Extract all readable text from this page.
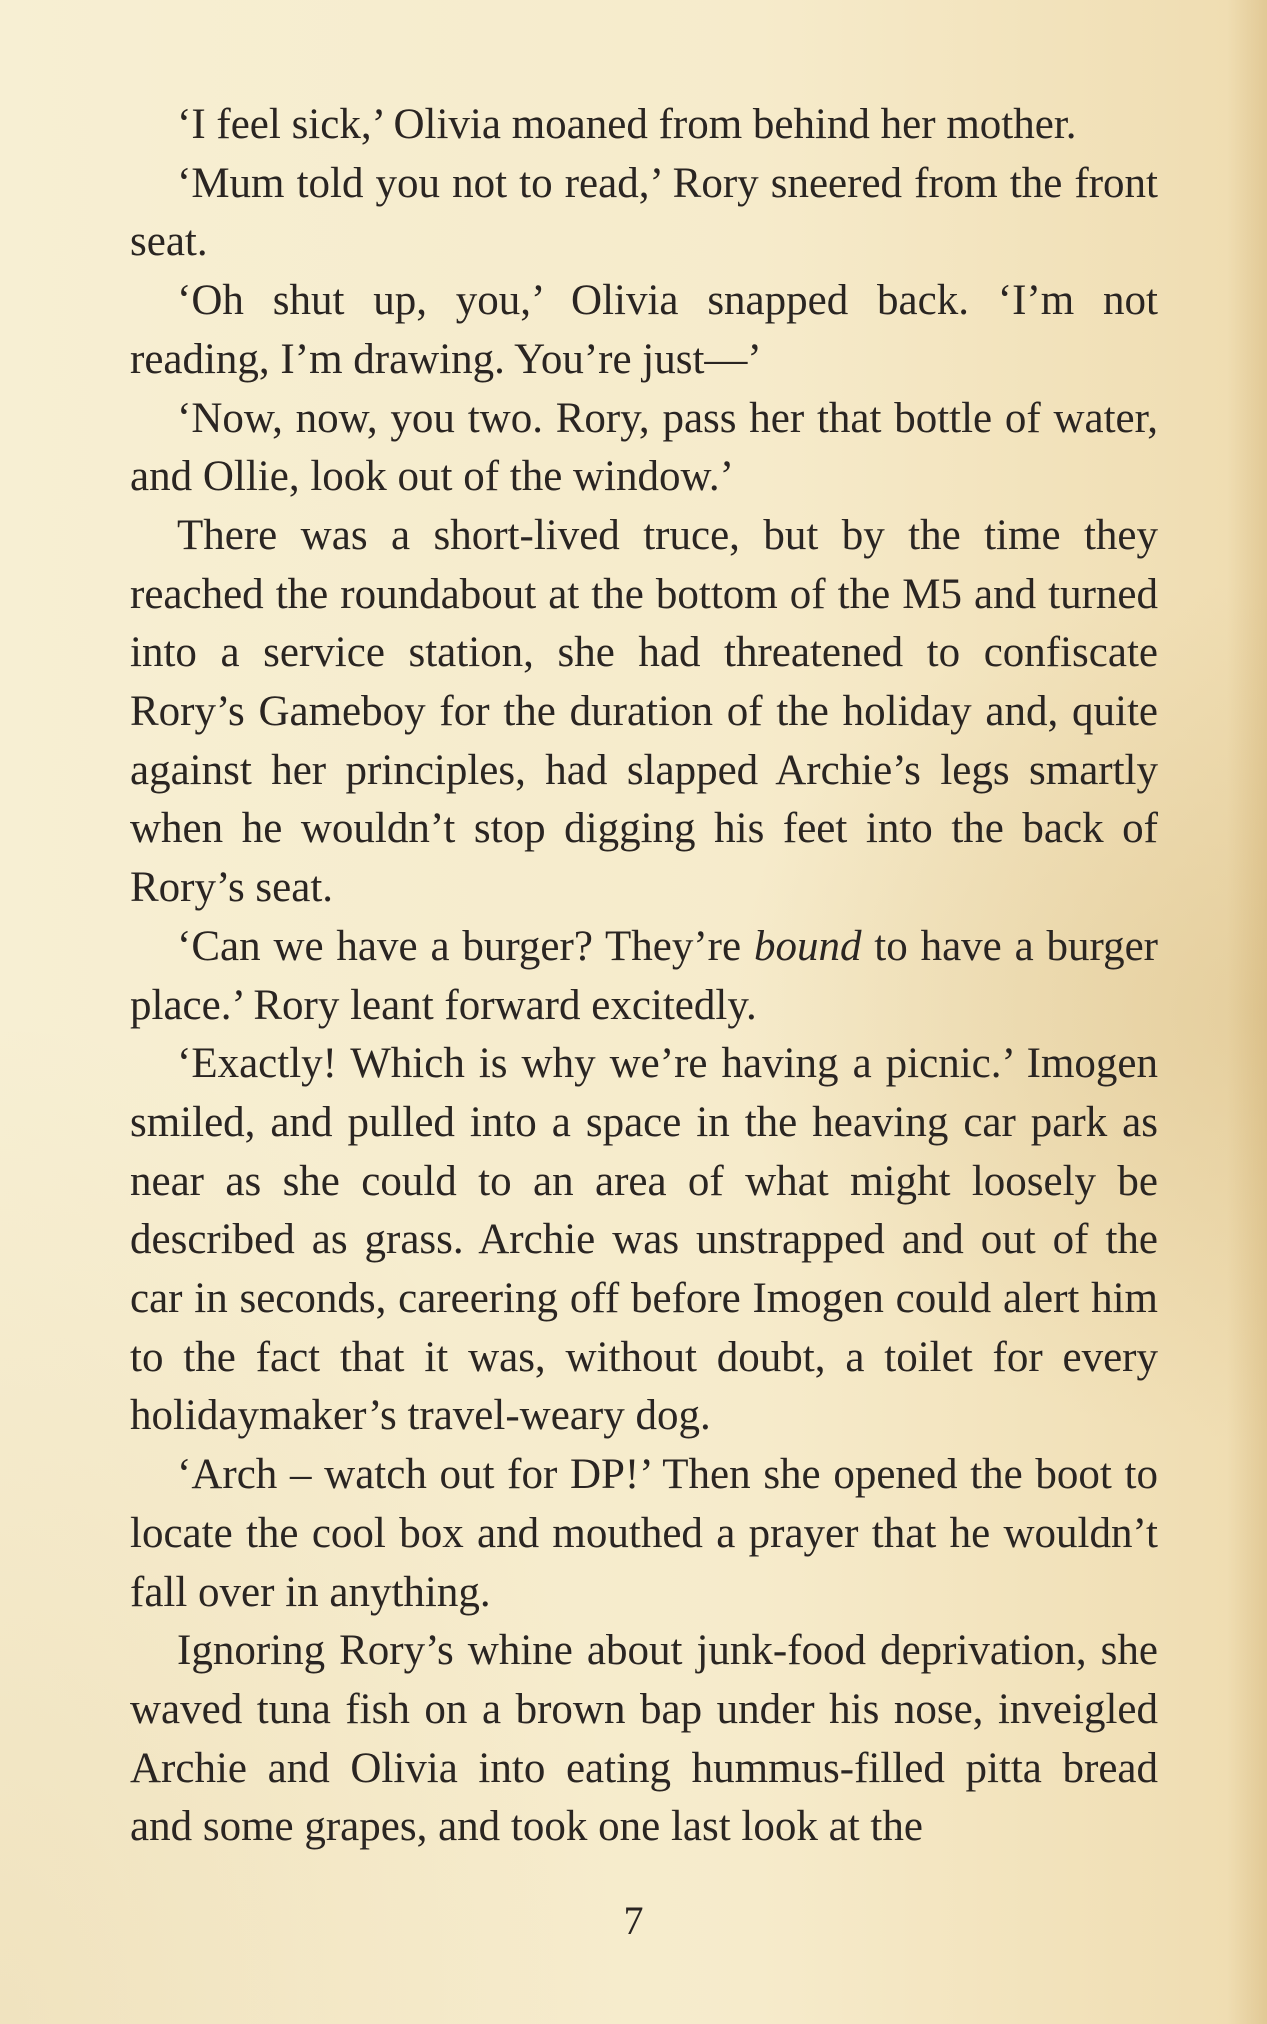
‘I feel sick,’ Olivia moaned from behind her mother.

‘Mum told you not to read,’ Rory sneered from the front seat.

‘Oh shut up, you,’ Olivia snapped back. ‘I’m not reading, I’m drawing. You’re just—’

‘Now, now, you two. Rory, pass her that bottle of water, and Ollie, look out of the window.’

There was a short-lived truce, but by the time they reached the roundabout at the bottom of the M5 and turned into a service station, she had threatened to confiscate Rory’s Gameboy for the duration of the holiday and, quite against her principles, had slapped Archie’s legs smartly when he wouldn’t stop digging his feet into the back of Rory’s seat.

‘Can we have a burger? They’re bound to have a burger place.’ Rory leant forward excitedly.

‘Exactly! Which is why we’re having a picnic.’ Imogen smiled, and pulled into a space in the heaving car park as near as she could to an area of what might loosely be described as grass. Archie was unstrapped and out of the car in seconds, careering off before Imogen could alert him to the fact that it was, without doubt, a toilet for every holidaymaker’s travel-weary dog.

‘Arch – watch out for DP!’ Then she opened the boot to locate the cool box and mouthed a prayer that he wouldn’t fall over in anything.

Ignoring Rory’s whine about junk-food deprivation, she waved tuna fish on a brown bap under his nose, inveigled Archie and Olivia into eating hummus-filled pitta bread and some grapes, and took one last look at the

7
